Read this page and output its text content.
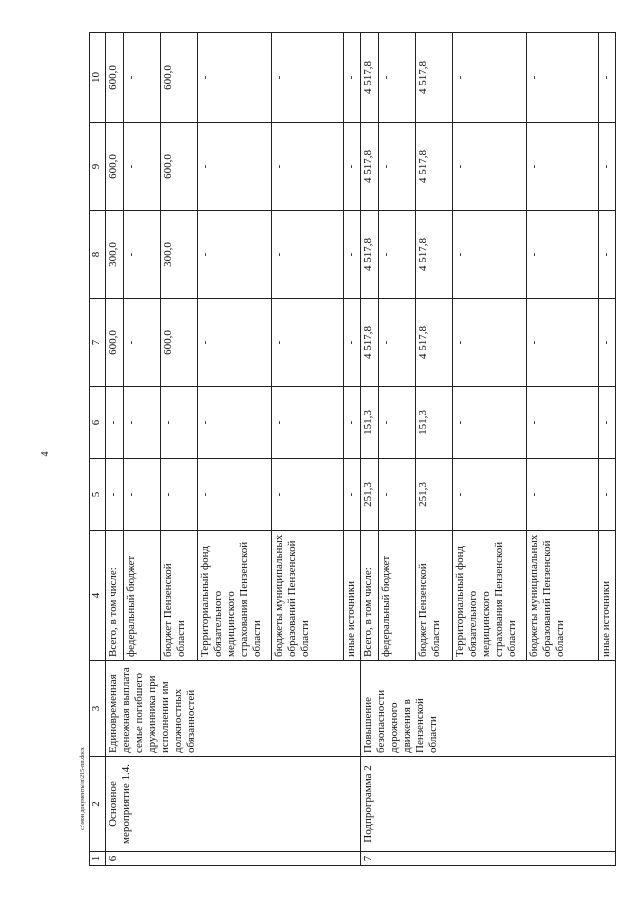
4
1	2	3	4	5	6	7	8	9	10
6	Основное мероприятие 1.4.	Единовременная денежная выплата семье погибшего дружинника при исполнении им должностных обязанностей	Всего, в том числе:	-	-	600,0	300,0	600,0	600,0
			федеральный бюджет	-	-	-	-	-	-
			бюджет Пензенской области	-	-	600,0	300,0	600,0	600,0
			Территориальный фонд обязательного медицинского страхования Пензенской области	-	-	-	-	-	-
			бюджеты муниципальных образований Пензенской области	-	-	-	-	-	-
			иные источники	-	-	-	-	-	-
7	Подпрограмма 2	Повышение безопасности дорожного движения в Пензенской области	Всего, в том числе:	251,3	151,3	4 517,8	4 517,8	4 517,8	4 517,8
			федеральный бюджет	-	-	-	-	-	-
			бюджет Пензенской области	251,3	151,3	4 517,8	4 517,8	4 517,8	4 517,8
			Территориальный фонд обязательного медицинского страхования Пензенской области	-	-	-	-	-	-
			бюджеты муниципальных образований Пензенской области	-	-	-	-	-	-
			иные источники	-	-	-	-	-	-
c:\мои документы\п\215-пп.docx
